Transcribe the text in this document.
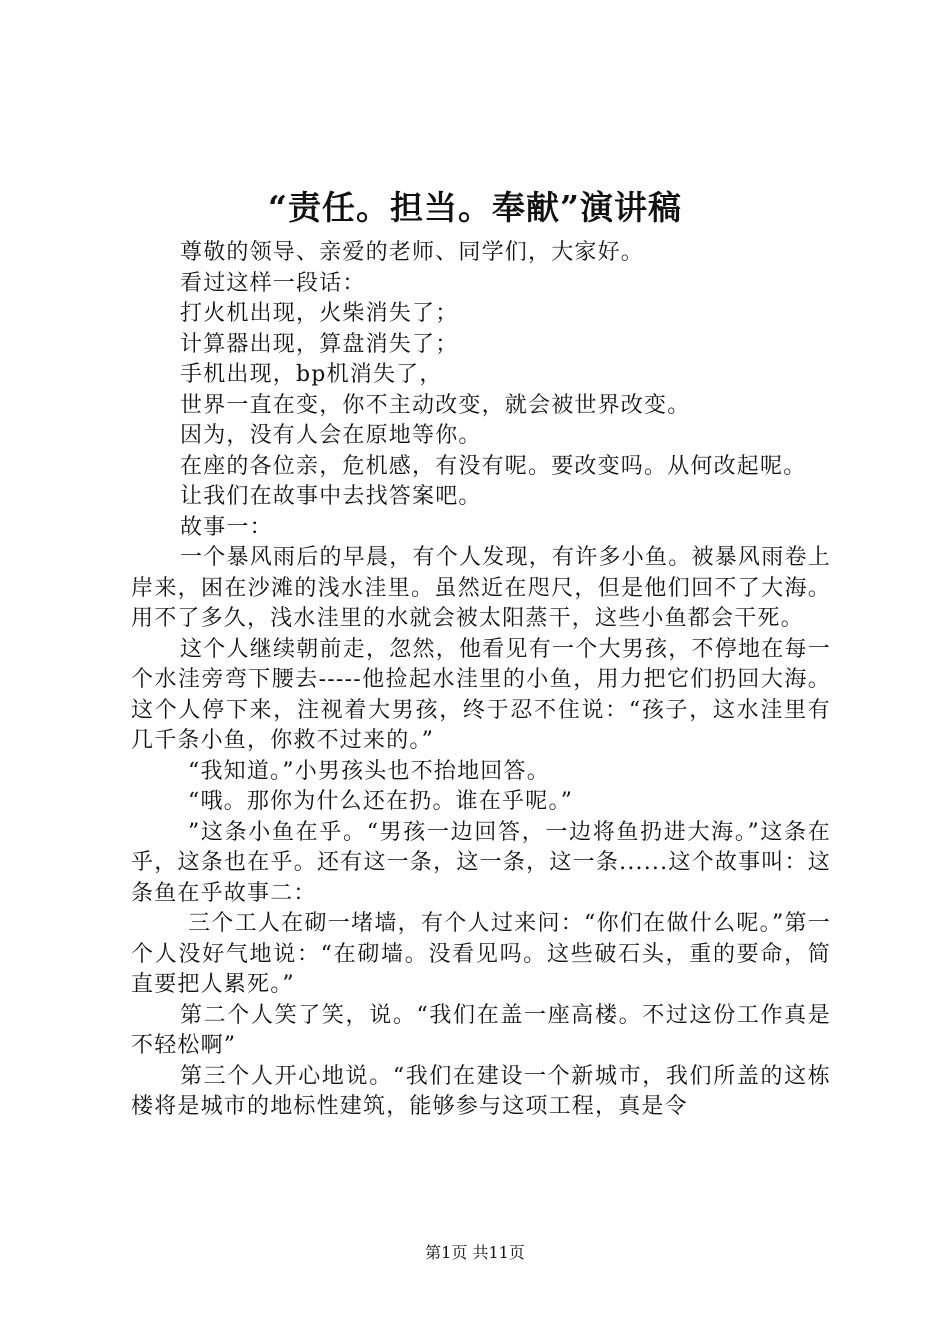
“责任。担当。奉献”演讲稿

尊敬的领导、亲爱的老师、同学们，大家好。

看过这样一段话：

打火机出现，火柴消失了；

计算器出现，算盘消失了；

手机出现，bp机消失了，

世界一直在变，你不主动改变，就会被世界改变。

因为，没有人会在原地等你。

在座的各位亲，危机感，有没有呢。要改变吗。从何改起呢。

让我们在故事中去找答案吧。

故事一：

一个暴风雨后的早晨，有个人发现，有许多小鱼。被暴风雨卷上岸来，困在沙滩的浅水洼里。虽然近在咫尺，但是他们回不了大海。用不了多久，浅水洼里的水就会被太阳蒸干，这些小鱼都会干死。

这个人继续朝前走，忽然，他看见有一个大男孩，不停地在每一个水洼旁弯下腰去-----他捡起水洼里的小鱼，用力把它们扔回大海。这个人停下来，注视着大男孩，终于忍不住说：“孩子，这水洼里有几千条小鱼，你救不过来的。”

“我知道。”小男孩头也不抬地回答。

“哦。那你为什么还在扔。谁在乎呢。”

”这条小鱼在乎。“男孩一边回答，一边将鱼扔进大海。”这条在乎，这条也在乎。还有这一条，这一条，这一条......这个故事叫：这条鱼在乎故事二：

三个工人在砌一堵墙，有个人过来问：“你们在做什么呢。”第一个人没好气地说：“在砌墙。没看见吗。这些破石头，重的要命，简直要把人累死。”

第二个人笑了笑，说。“我们在盖一座高楼。不过这份工作真是不轻松啊”

第三个人开心地说。“我们在建设一个新城市，我们所盖的这栋楼将是城市的地标性建筑，能够参与这项工程，真是令

第1页 共11页
